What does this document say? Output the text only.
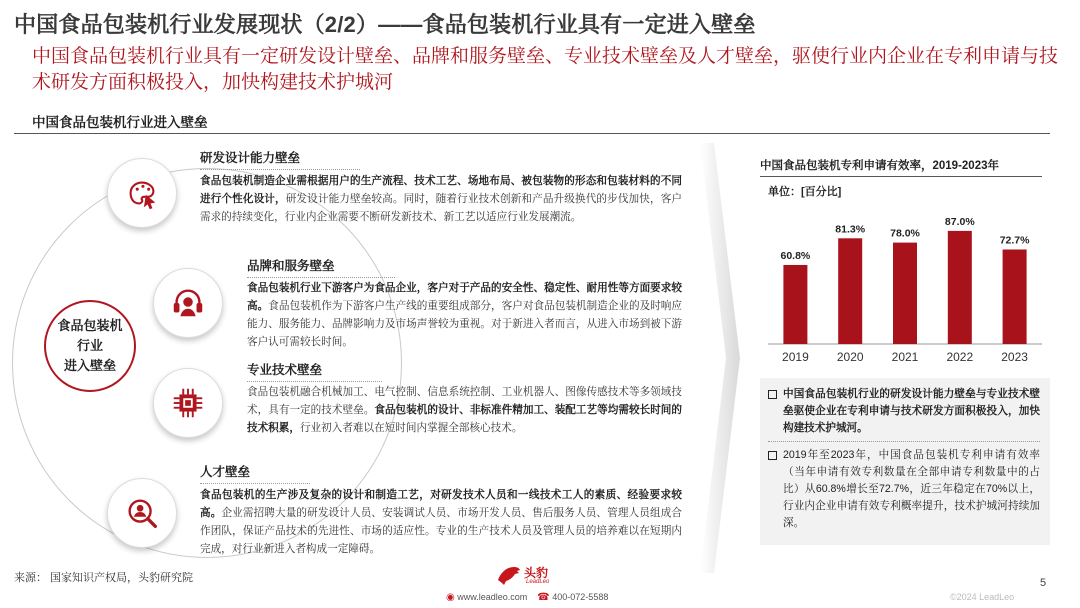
中国食品包装机行业发展现状（2/2）——食品包装机行业具有一定进入壁垒
中国食品包装机行业具有一定研发设计壁垒、品牌和服务壁垒、专业技术壁垒及人才壁垒，驱使行业内企业在专利申请与技术研发方面积极投入，加快构建技术护城河
中国食品包装机行业进入壁垒
食品包装机
行业
进入壁垒
研发设计能力壁垒
食品包装机制造企业需根据用户的生产流程、技术工艺、场地布局、被包装物的形态和包装材料的不同进行个性化设计，研发设计能力壁垒较高。同时，随着行业技术创新和产品升级换代的步伐加快，客户需求的持续变化，行业内企业需要不断研发新技术、新工艺以适应行业发展潮流。
品牌和服务壁垒
食品包装机行业下游客户为食品企业，客户对于产品的安全性、稳定性、耐用性等方面要求较高。食品包装机作为下游客户生产线的重要组成部分，客户对食品包装机制造企业的及时响应能力、服务能力、品牌影响力及市场声誉较为重视。对于新进入者而言，从进入市场到被下游客户认可需较长时间。
专业技术壁垒
食品包装机融合机械加工、电气控制、信息系统控制、工业机器人、图像传感技术等多领域技术，具有一定的技术壁垒。食品包装机的设计、非标准件精加工、装配工艺等均需较长时间的技术积累，行业初入者难以在短时间内掌握全部核心技术。
人才壁垒
食品包装机的生产涉及复杂的设计和制造工艺，对研发技术人员和一线技术工人的素质、经验要求较高。企业需招聘大量的研发设计人员、安装调试人员、市场开发人员、售后服务人员、管理人员组成合作团队，保证产品技术的先进性、市场的适应性。专业的生产技术人员及管理人员的培养难以在短期内完成，对行业新进入者构成一定障碍。
中国食品包装机专利申请有效率，2019-2023年
单位：[百分比]
60.8%
2019
81.3%
2020
78.0%
2021
87.0%
2022
72.7%
2023
中国食品包装机行业的研发设计能力壁垒与专业技术壁垒驱使企业在专利申请与技术研发方面积极投入，加快构建技术护城河。
2019年至2023年，中国食品包装机专利申请有效率（当年申请有效专利数量在全部申请专利数量中的占比）从60.8%增长至72.7%，近三年稳定在70%以上，行业内企业申请有效专利概率提升，技术护城河持续加深。
来源： 国家知识产权局，头豹研究院	头豹
LeadLeo
◉ www.leadleo.com ☎ 400-072-5588	©2024 LeadLeo
5
